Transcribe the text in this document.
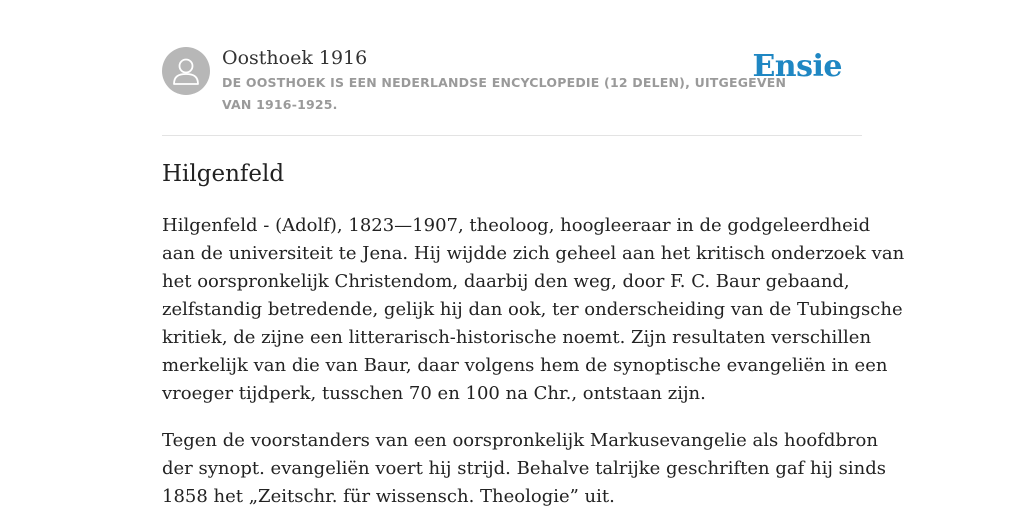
Oosthoek 1916
DE OOSTHOEK IS EEN NEDERLANDSE ENCYCLOPEDIE (12 DELEN), UITGEGEVEN
VAN 1916-1925.
Ensie
Hilgenfeld

Hilgenfeld - (Adolf), 1823—1907, theoloog, hoogleeraar in de godgeleerdheid
aan de universiteit te Jena. Hij wijdde zich geheel aan het kritisch onderzoek van
het oorspronkelijk Christendom, daarbij den weg, door F. C. Baur gebaand,
zelfstandig betredende, gelijk hij dan ook, ter onderscheiding van de Tubingsche
kritiek, de zijne een litterarisch-historische noemt. Zijn resultaten verschillen
merkelijk van die van Baur, daar volgens hem de synoptische evangeliën in een
vroeger tijdperk, tusschen 70 en 100 na Chr., ontstaan zijn.

Tegen de voorstanders van een oorspronkelijk Markusevangelie als hoofdbron
der synopt. evangeliën voert hij strijd. Behalve talrijke geschriften gaf hij sinds
1858 het „Zeitschr. für wissensch. Theologie” uit.
